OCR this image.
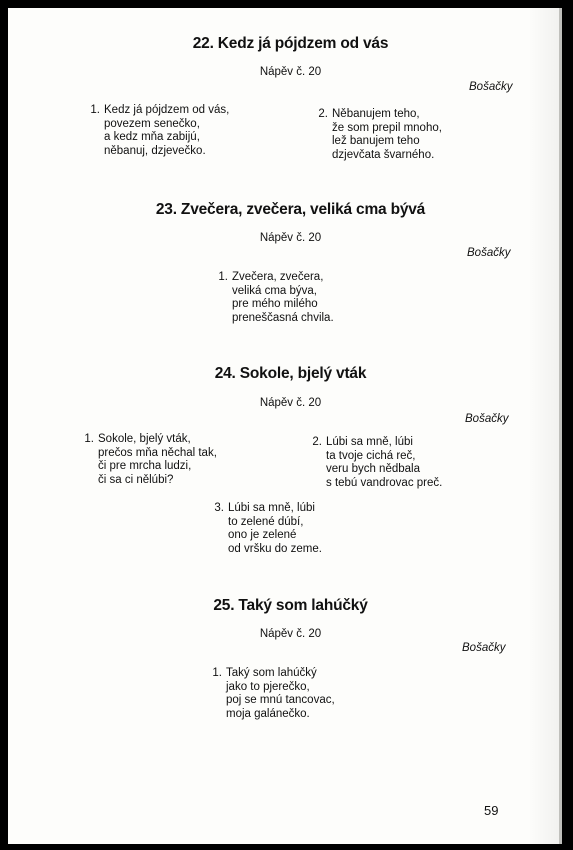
22. Kedz já pójdzem od vás
Nápěv č. 20
Bošačky
1. Kedz já pójdzem od vás,
povezem senečko,
a kedz mňa zabijú,
něbanuj, dzjevečko.
2. Něbanujem teho,
že som prepil mnoho,
lež banujem teho
dzjevčata švarného.
23. Zvečera, zvečera, veliká cma bývá
Nápěv č. 20
Bošačky
1. Zvečera, zvečera,
veliká cma býva,
pre mého milého
preneščasná chvila.
24. Sokole, bjelý vták
Nápěv č. 20
Bošačky
1. Sokole, bjelý vták,
prečos mňa něchal tak,
či pre mrcha ludzi,
či sa ci nělúbi?
2. Lúbi sa mně, lúbi
ta tvoje cichá reč,
veru bych nědbala
s tebú vandrovac preč.
3. Lúbi sa mně, lúbi
to zelené dúbí,
ono je zelené
od vršku do zeme.
25. Taký som lahúčký
Nápěv č. 20
Bošačky
1. Taký som lahúčký
jako to pjerečko,
poj se mnú tancovac,
moja galánečko.
59
